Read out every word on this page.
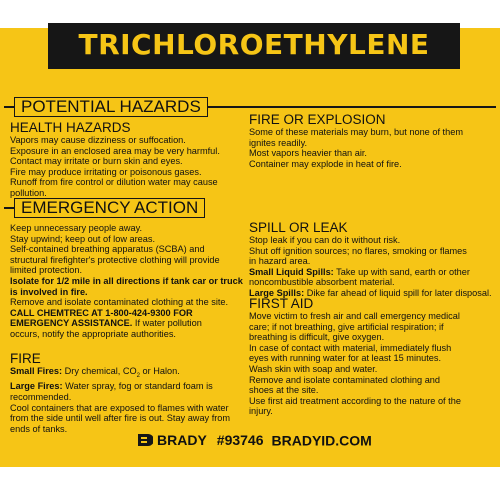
TRICHLOROETHYLENE
POTENTIAL HAZARDS

HEALTH HAZARDS

Vapors may cause dizziness or suffocation.

Exposure in an enclosed area may be very harmful.

Contact may irritate or burn skin and eyes.

Fire may produce irritating or poisonous gases.

Runoff from fire control or dilution water may cause

pollution.

FIRE OR EXPLOSION

Some of these materials may burn, but none of them

ignites readily.

Most vapors heavier than air.

Container may explode in heat of fire.

EMERGENCY ACTION

Keep unnecessary people away.

Stay upwind; keep out of low areas.

Self-contained breathing apparatus (SCBA) and

structural firefighter's protective clothing will provide

limited protection.

Isolate for 1/2 mile in all directions if tank car or truck

is involved in fire.

Remove and isolate contaminated clothing at the site.

CALL CHEMTREC AT 1-800-424-9300 FOR

EMERGENCY ASSISTANCE. If water pollution

occurs, notify the appropriate authorities.

FIRE

Small Fires: Dry chemical, $CO_2$ or Halon.

Large Fires: Water spray, fog or standard foam is

recommended.

Cool containers that are exposed to flames with water

from the side until well after fire is out. Stay away from

ends of tanks.

SPILL OR LEAK

Stop leak if you can do it without risk.

Shut off ignition sources; no flares, smoking or flames

in hazard area.

Small Liquid Spills: Take up with sand, earth or other

noncombustible absorbent material.

Large Spills: Dike far ahead of liquid spill for later disposal.

FIRST AID

Move victim to fresh air and call emergency medical

care; if not breathing, give artificial respiration; if

breathing is difficult, give oxygen.

In case of contact with material, immediately flush

eyes with running water for at least 15 minutes.

Wash skin with soap and water.

Remove and isolate contaminated clothing and

shoes at the site.

Use first aid treatment according to the nature of the

injury.

BRADY #93746 BRADYID.COM
